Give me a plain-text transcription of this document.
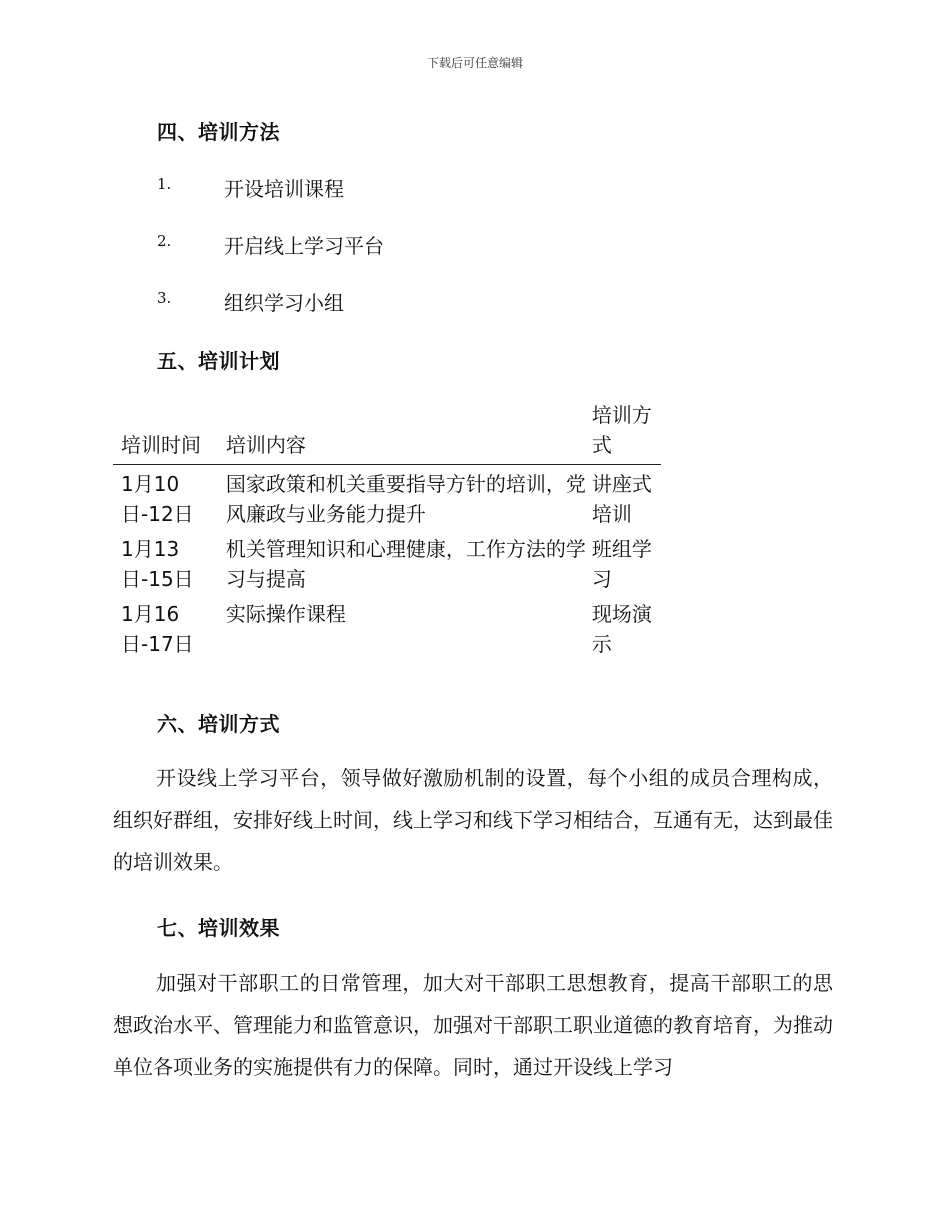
下载后可任意编辑
四、培训方法
1.	开设培训课程
2.	开启线上学习平台
3.	组织学习小组
五、培训计划
培训时间	培训内容	培训方式
1月10日-12日	国家政策和机关重要指导方针的培训，党风廉政与业务能力提升	讲座式培训
1月13日-15日	机关管理知识和心理健康，工作方法的学习与提高	班组学习
1月16日-17日	实际操作课程	现场演示
六、培训方式

开设线上学习平台，领导做好激励机制的设置，每个小组的成员合理构成，组织好群组，安排好线上时间，线上学习和线下学习相结合，互通有无，达到最佳的培训效果。

七、培训效果

加强对干部职工的日常管理，加大对干部职工思想教育，提高干部职工的思想政治水平、管理能力和监管意识，加强对干部职工职业道德的教育培育，为推动单位各项业务的实施提供有力的保障。同时，通过开设线上学习
